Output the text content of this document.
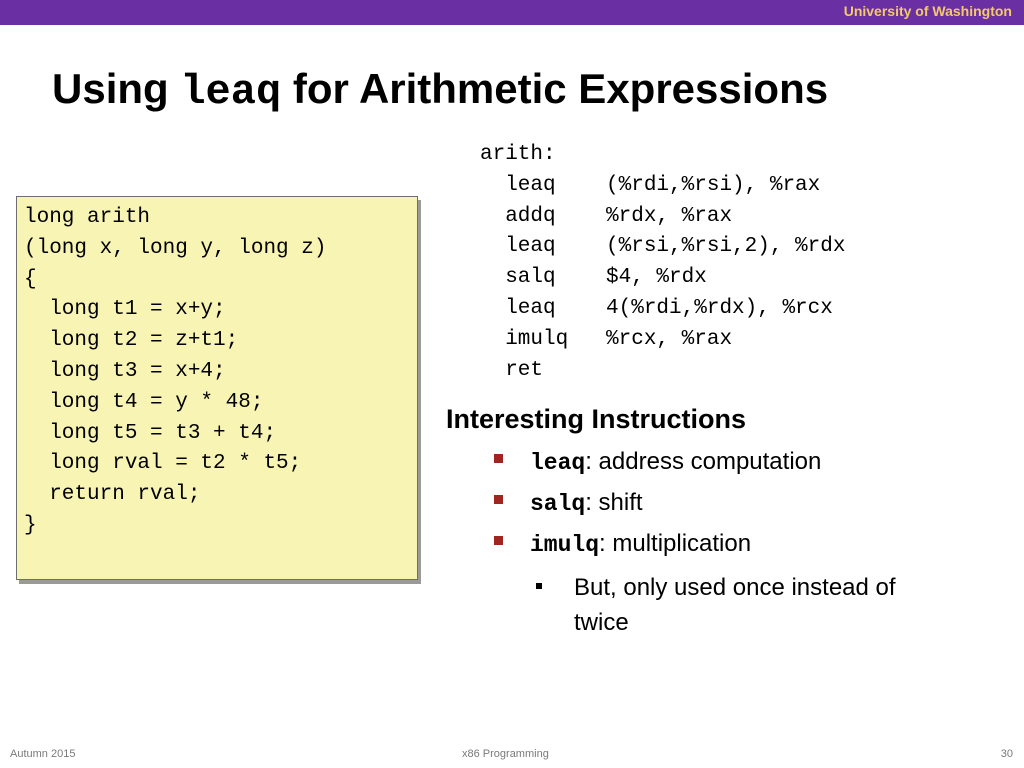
University of Washington
Using leaq for Arithmetic Expressions
long arith
(long x, long y, long z)
{
long t1 = x+y;
long t2 = z+t1;
long t3 = x+4;
long t4 = y * 48;
long t5 = t3 + t4;
long rval = t2 * t5;
return rval;
}
arith:
leaq    (%rdi,%rsi), %rax
addq    %rdx, %rax
leaq    (%rsi,%rsi,2), %rdx
salq    $4, %rdx
leaq    4(%rdi,%rdx), %rcx
imulq   %rcx, %rax
ret
Interesting Instructions
leaq: address computation
salq: shift
imulq: multiplication
But, only used once instead of twice
Autumn 2015	x86 Programming	30
